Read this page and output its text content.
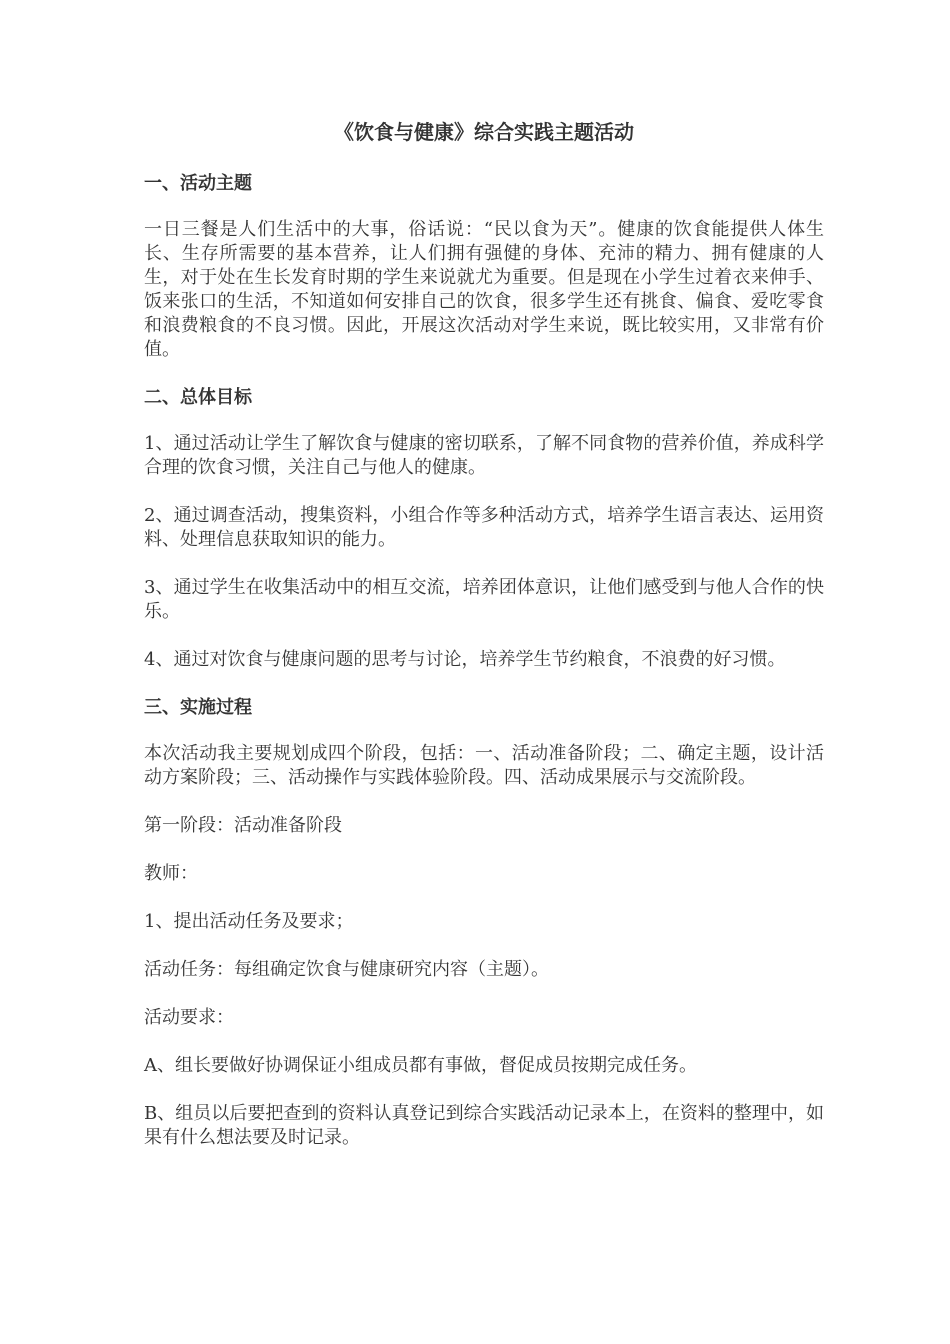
《饮食与健康》综合实践主题活动
一、活动主题

一日三餐是人们生活中的大事，俗话说：“民以食为天”。健康的饮食能提供人体生长、生存所需要的基本营养，让人们拥有强健的身体、充沛的精力、拥有健康的人生，对于处在生长发育时期的学生来说就尤为重要。但是现在小学生过着衣来伸手、饭来张口的生活，不知道如何安排自己的饮食，很多学生还有挑食、偏食、爱吃零食和浪费粮食的不良习惯。因此，开展这次活动对学生来说，既比较实用，又非常有价值。

二、总体目标

1、通过活动让学生了解饮食与健康的密切联系，了解不同食物的营养价值，养成科学合理的饮食习惯，关注自己与他人的健康。

2、通过调查活动，搜集资料，小组合作等多种活动方式，培养学生语言表达、运用资料、处理信息获取知识的能力。

3、通过学生在收集活动中的相互交流，培养团体意识，让他们感受到与他人合作的快乐。

4、通过对饮食与健康问题的思考与讨论，培养学生节约粮食，不浪费的好习惯。

三、实施过程

本次活动我主要规划成四个阶段，包括：一、活动准备阶段；二、确定主题，设计活动方案阶段；三、活动操作与实践体验阶段。四、活动成果展示与交流阶段。

第一阶段：活动准备阶段

教师：

1、提出活动任务及要求；

活动任务：每组确定饮食与健康研究内容（主题）。

活动要求：

A、组长要做好协调保证小组成员都有事做，督促成员按期完成任务。

B、组员以后要把查到的资料认真登记到综合实践活动记录本上，在资料的整理中，如果有什么想法要及时记录。
